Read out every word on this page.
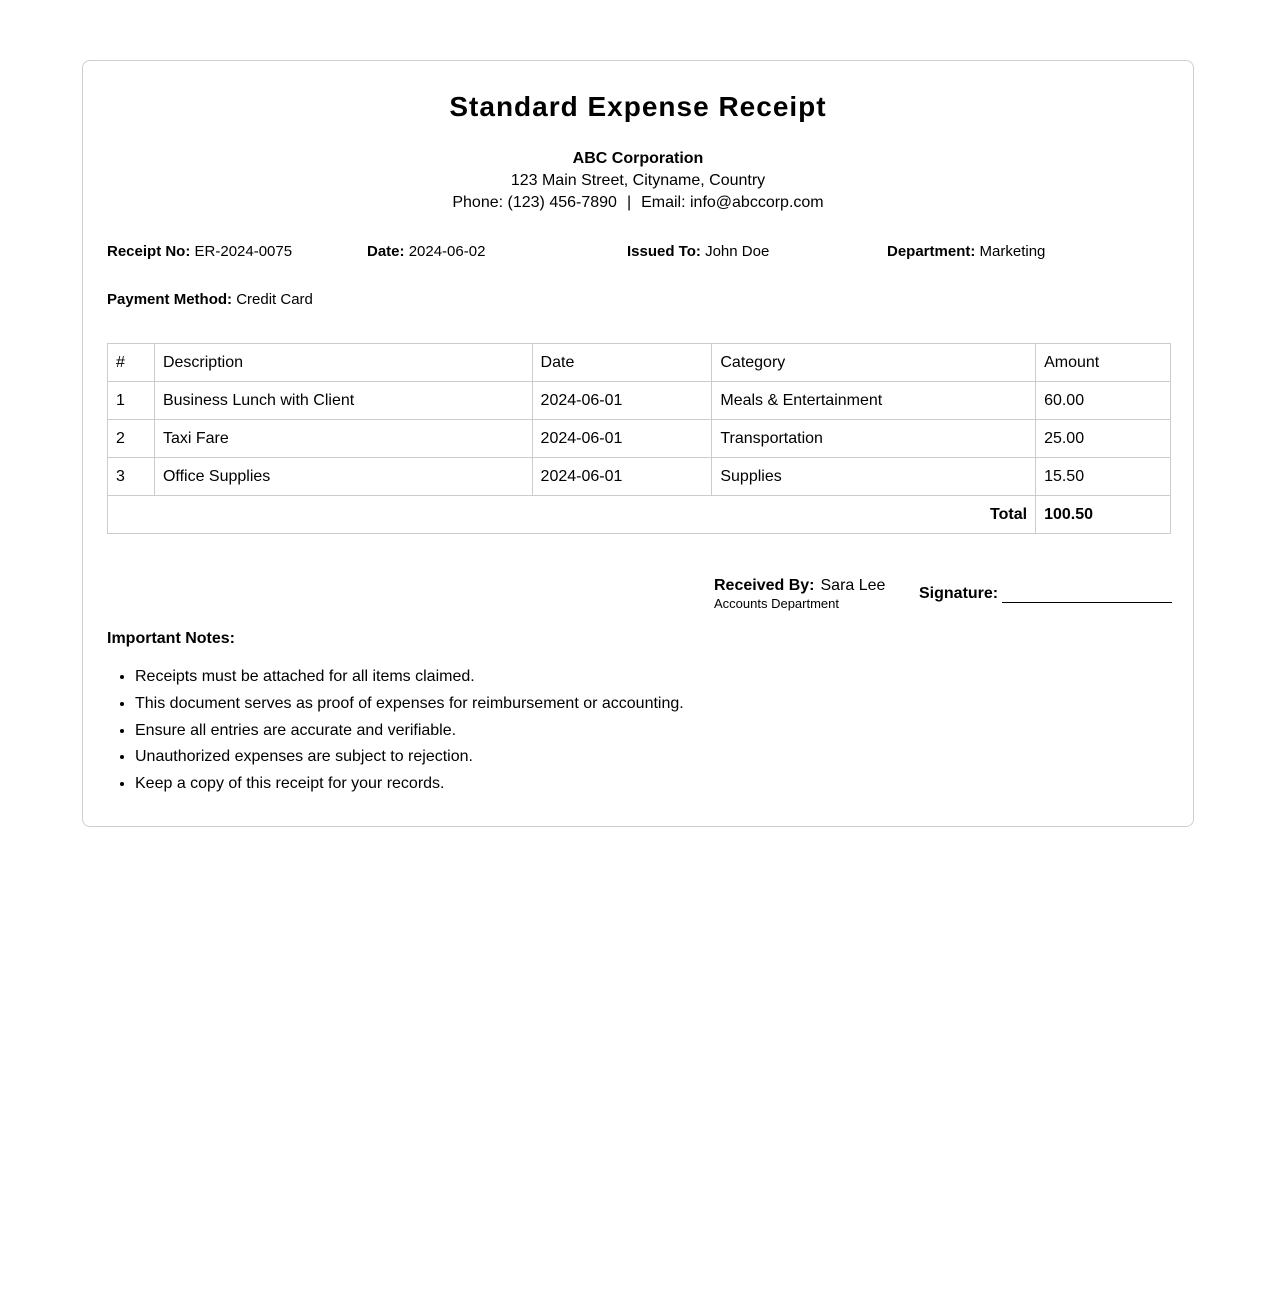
Standard Expense Receipt
ABC Corporation
123 Main Street, Cityname, Country
Phone: (123) 456-7890 | Email: info@abccorp.com
Receipt No: ER-2024-0075	Date: 2024-06-02	Issued To: John Doe	Department: Marketing
Payment Method: Credit Card
#	Description	Date	Category	Amount
1	Business Lunch with Client	2024-06-01	Meals & Entertainment	60.00
2	Taxi Fare	2024-06-01	Transportation	25.00
3	Office Supplies	2024-06-01	Supplies	15.50
Total				100.50
Received By: Sara Lee
Accounts Department
Signature:
Important Notes:
• Receipts must be attached for all items claimed.
• This document serves as proof of expenses for reimbursement or accounting.
• Ensure all entries are accurate and verifiable.
• Unauthorized expenses are subject to rejection.
• Keep a copy of this receipt for your records.
